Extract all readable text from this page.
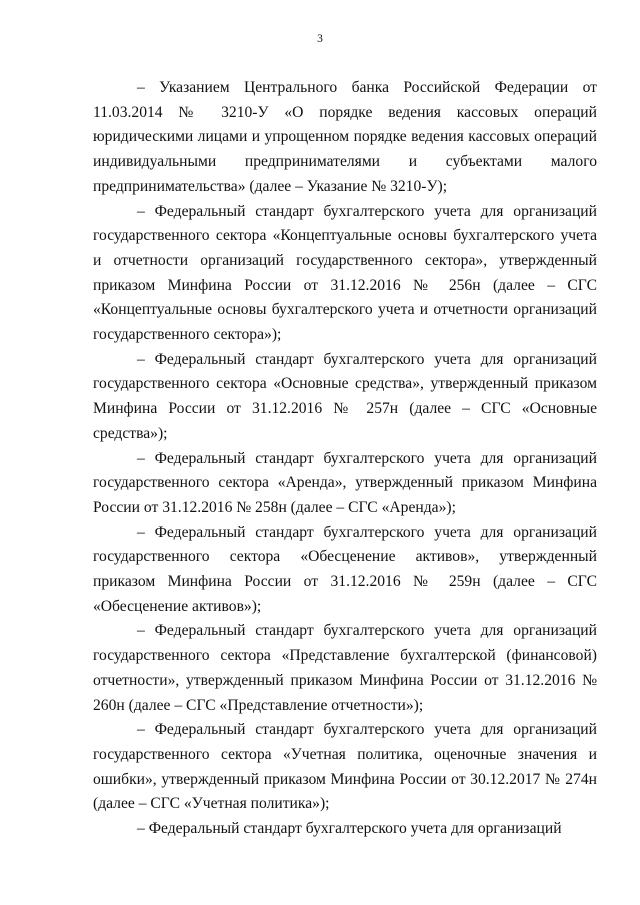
3

– Указанием Центрального банка Российской Федерации от 11.03.2014 № 3210-У «О порядке ведения кассовых операций юридическими лицами и упрощенном порядке ведения кассовых операций индивидуальными предпринимателями и субъектами малого предпринимательства» (далее – Указание № 3210-У);

– Федеральный стандарт бухгалтерского учета для организаций государственного сектора «Концептуальные основы бухгалтерского учета и отчетности организаций государственного сектора», утвержденный приказом Минфина России от 31.12.2016 № 256н (далее – СГС «Концептуальные основы бухгалтерского учета и отчетности организаций государственного сектора»);

– Федеральный стандарт бухгалтерского учета для организаций государственного сектора «Основные средства», утвержденный приказом Минфина России от 31.12.2016 № 257н (далее – СГС «Основные средства»);

– Федеральный стандарт бухгалтерского учета для организаций государственного сектора «Аренда», утвержденный приказом Минфина России от 31.12.2016 № 258н (далее – СГС «Аренда»);

– Федеральный стандарт бухгалтерского учета для организаций государственного сектора «Обесценение активов», утвержденный приказом Минфина России от 31.12.2016 № 259н (далее – СГС «Обесценение активов»);

– Федеральный стандарт бухгалтерского учета для организаций государственного сектора «Представление бухгалтерской (финансовой) отчетности», утвержденный приказом Минфина России от 31.12.2016 № 260н (далее – СГС «Представление отчетности»);

– Федеральный стандарт бухгалтерского учета для организаций государственного сектора «Учетная политика, оценочные значения и ошибки», утвержденный приказом Минфина России от 30.12.2017 № 274н (далее – СГС «Учетная политика»);

– Федеральный стандарт бухгалтерского учета для организаций
